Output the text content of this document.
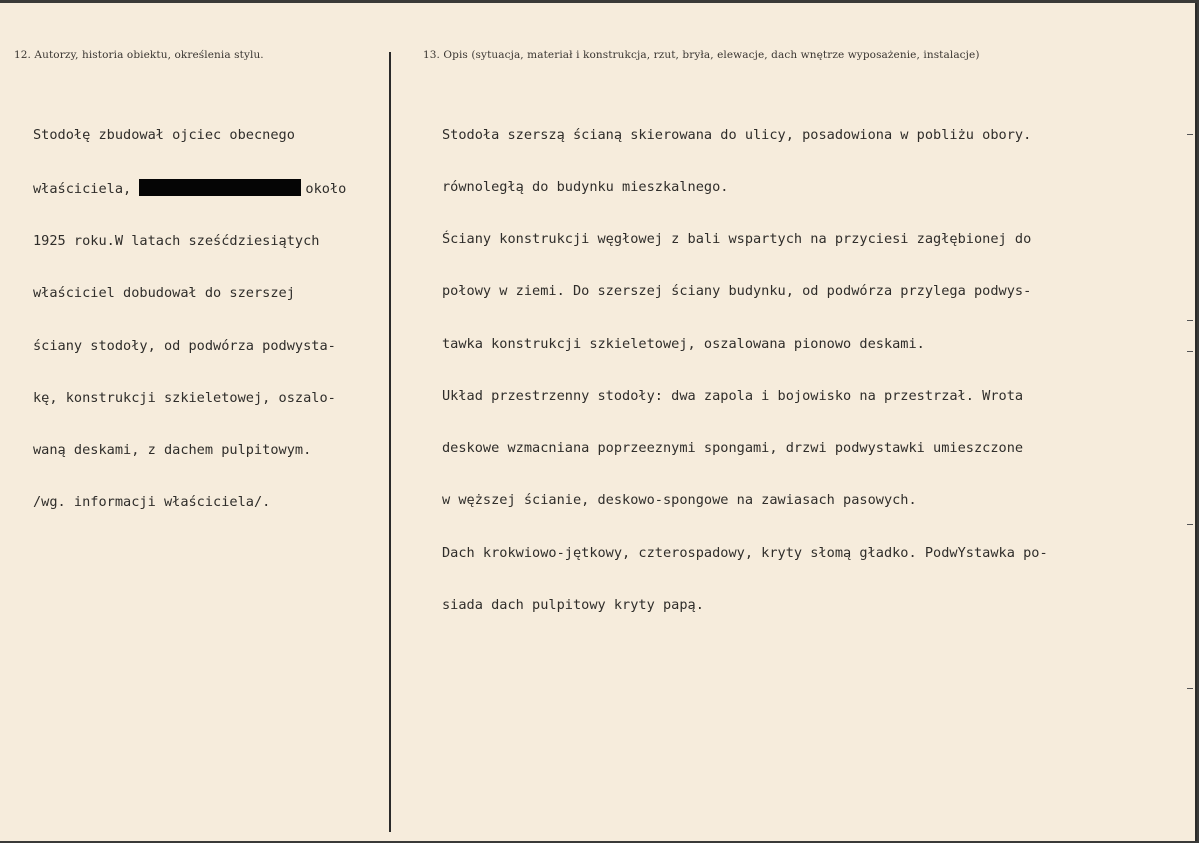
12. Autorzy, historia obiektu, określenia stylu.	13. Opis (sytuacja, materiał i konstrukcja, rzut, bryła, elewacje, dach wnętrze wyposażenie, instalacje)

Stodołę zbudował ojciec obecnego

właściciela,	około

1925 roku.W latach sześćdziesiątych

właściciel dobudował do szerszej

ściany stodoły, od podwórza podwysta-

kę, konstrukcji szkieletowej, oszalo-

waną deskami, z dachem pulpitowym.

/wg. informacji właściciela/.

Stodoła szerszą ścianą skierowana do ulicy, posadowiona w pobliżu obory.

równoległą do budynku mieszkalnego.

Ściany konstrukcji węgłowej z bali wspartych na przyciesi zagłębionej do

połowy w ziemi. Do szerszej ściany budynku, od podwórza przylega podwys-

tawka konstrukcji szkieletowej, oszalowana pionowo deskami.

Układ przestrzenny stodoły: dwa zapola i bojowisko na przestrzał. Wrota

deskowe wzmacniana poprzeeznymi spongami, drzwi podwystawki umieszczone

w węższej ścianie, deskowo-spongowe na zawiasach pasowych.

Dach krokwiowo-jętkowy, czterospadowy, kryty słomą gładko. PodwYstawka po-

siada dach pulpitowy kryty papą.
